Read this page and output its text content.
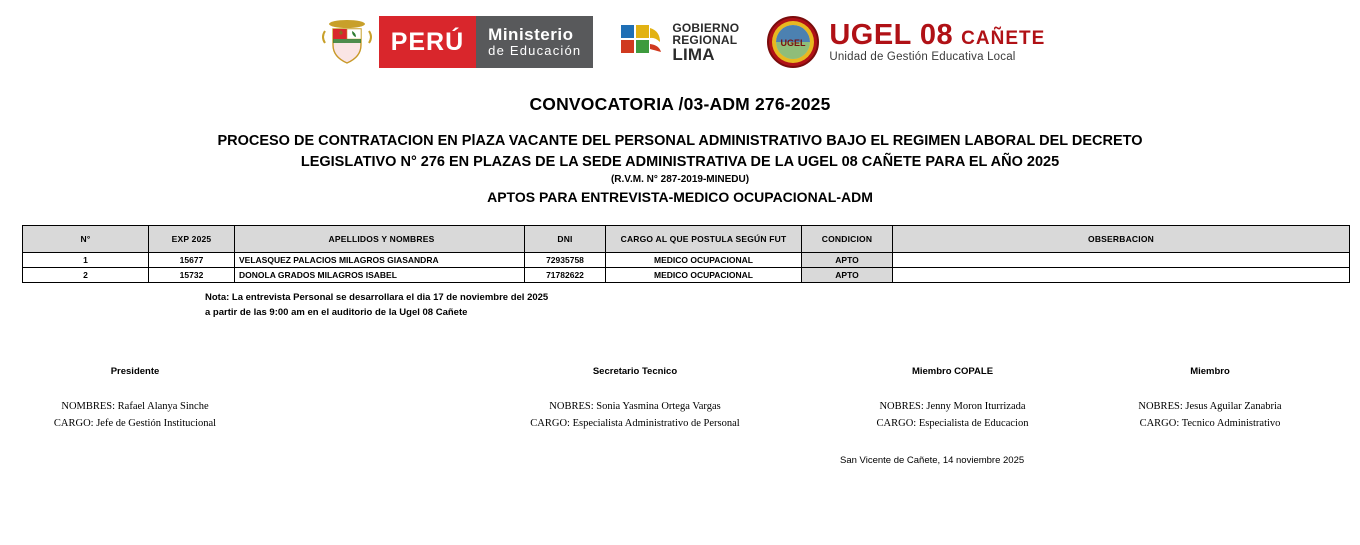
PERÚ	Ministerio
de Educación
GOBIERNO
REGIONAL
LIMA
UGEL UGEL 08 CAÑETE
Unidad de Gestión Educativa Local
CONVOCATORIA /03-ADM 276-2025
PROCESO DE CONTRATACION EN PlAZA VACANTE DEL PERSONAL ADMINISTRATIVO BAJO EL REGIMEN LABORAL DEL DECRETO
LEGISLATIVO N° 276 EN PLAZAS DE LA SEDE ADMINISTRATIVA DE LA UGEL 08 CAÑETE PARA EL AÑO 2025
(R.V.M. N° 287-2019-MINEDU)
APTOS PARA ENTREVISTA-MEDICO OCUPACIONAL-ADM
N°	EXP 2025	APELLIDOS Y NOMBRES	DNI	CARGO AL QUE POSTULA SEGÚN FUT	CONDICION	OBSERBACION
1	15677	VELASQUEZ PALACIOS MILAGROS GIASANDRA	72935758	MEDICO OCUPACIONAL	APTO	
2	15732	DONOLA GRADOS MILAGROS ISABEL	71782622	MEDICO OCUPACIONAL	APTO	
Nota: La entrevista Personal se desarrollara el dia 17 de noviembre del 2025
a partir de las 9:00 am en el auditorio de la Ugel 08 Cañete
Presidente
NOMBRES: Rafael Alanya Sinche
CARGO: Jefe de Gestión Institucional
Secretario Tecnico
NOBRES: Sonia Yasmina Ortega Vargas
CARGO: Especialista Administrativo de Personal
Miembro COPALE
NOBRES: Jenny Moron Iturrizada
CARGO: Especialista de Educacion
Miembro
NOBRES: Jesus Aguilar Zanabria
CARGO: Tecnico Administrativo
San Vicente de Cañete, 14 noviembre 2025
